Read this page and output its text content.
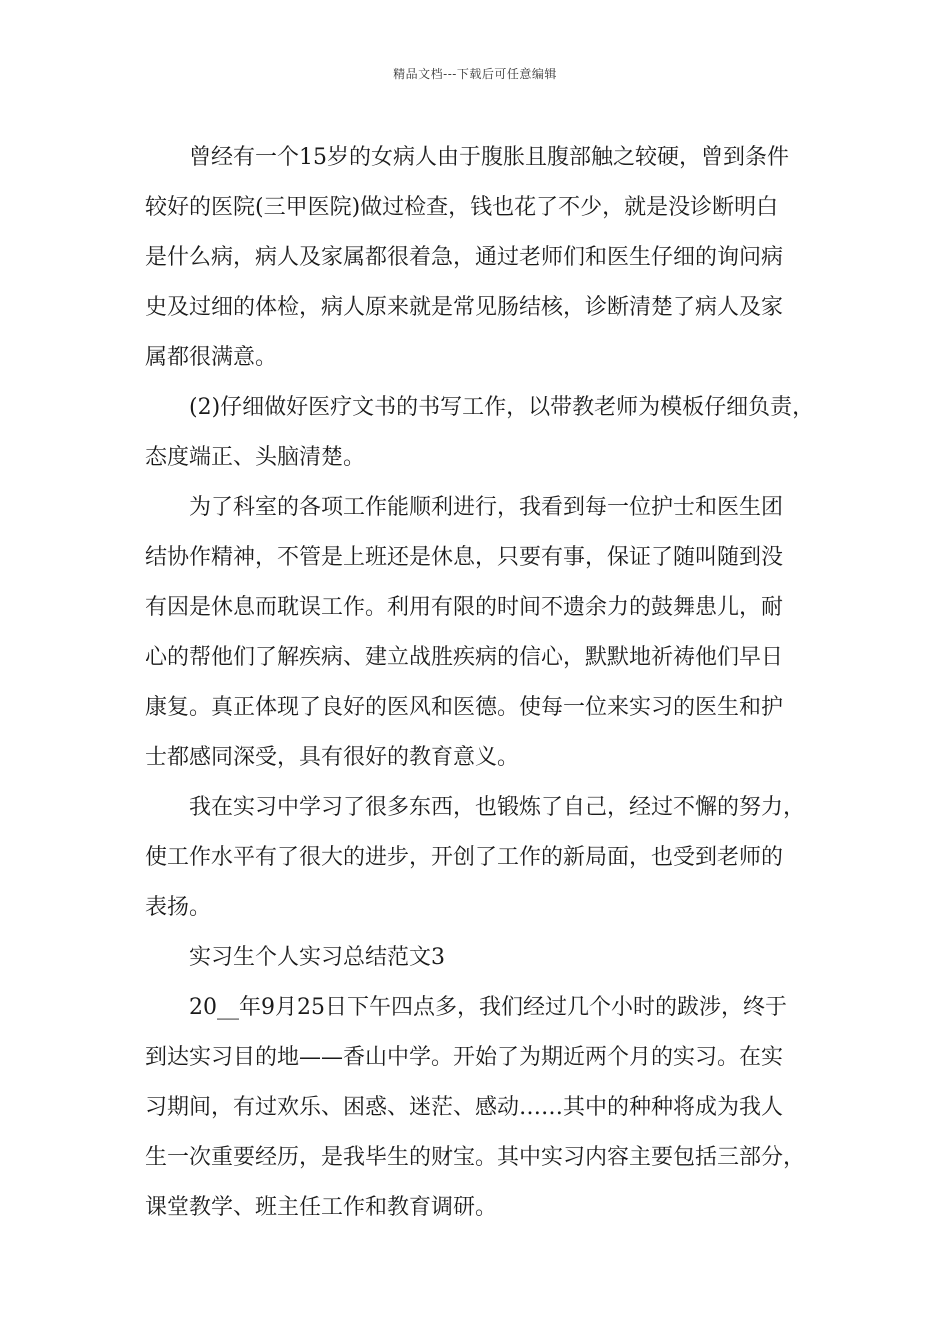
精品文档---下载后可任意编辑

曾经有一个15岁的女病人由于腹胀且腹部触之较硬，曾到条件
较好的医院(三甲医院)做过检查，钱也花了不少，就是没诊断明白
是什么病，病人及家属都很着急，通过老师们和医生仔细的询问病
史及过细的体检，病人原来就是常见肠结核，诊断清楚了病人及家
属都很满意。

(2)仔细做好医疗文书的书写工作，以带教老师为模板仔细负责，
态度端正、头脑清楚。

为了科室的各项工作能顺利进行，我看到每一位护士和医生团
结协作精神，不管是上班还是休息，只要有事，保证了随叫随到没
有因是休息而耽误工作。利用有限的时间不遗余力的鼓舞患儿，耐
心的帮他们了解疾病、建立战胜疾病的信心，默默地祈祷他们早日
康复。真正体现了良好的医风和医德。使每一位来实习的医生和护
士都感同深受，具有很好的教育意义。

我在实习中学习了很多东西，也锻炼了自己，经过不懈的努力，
使工作水平有了很大的进步，开创了工作的新局面，也受到老师的
表扬。

实习生个人实习总结范文3

20__年9月25日下午四点多，我们经过几个小时的跋涉，终于
到达实习目的地——香山中学。开始了为期近两个月的实习。在实
习期间，有过欢乐、困惑、迷茫、感动……其中的种种将成为我人
生一次重要经历，是我毕生的财宝。其中实习内容主要包括三部分，
课堂教学、班主任工作和教育调研。
